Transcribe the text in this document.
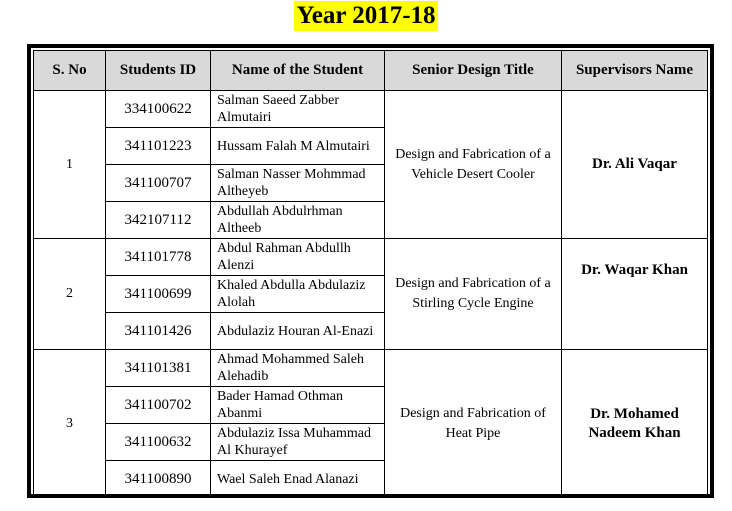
Year 2017-18
S. No	Students ID	Name of the Student	Senior Design Title	Supervisors Name
1	334100622	Salman Saeed Zabber Almutairi	Design and Fabrication of a Vehicle Desert Cooler	Dr. Ali Vaqar
	341101223	Hussam Falah M Almutairi		
	341100707	Salman Nasser Mohmmad Altheyeb		
	342107112	Abdullah Abdulrhman Altheeb		
2	341101778	Abdul Rahman Abdullh Alenzi	Design and Fabrication of a Stirling Cycle Engine	Dr. Waqar Khan
	341100699	Khaled Abdulla Abdulaziz Alolah		
	341101426	Abdulaziz Houran Al-Enazi		
3	341101381	Ahmad Mohammed Saleh Alehadib	Design and Fabrication of Heat Pipe	Dr. Mohamed Nadeem Khan
	341100702	Bader Hamad Othman Abanmi		
	341100632	Abdulaziz Issa Muhammad Al Khurayef		
	341100890	Wael Saleh Enad Alanazi		
